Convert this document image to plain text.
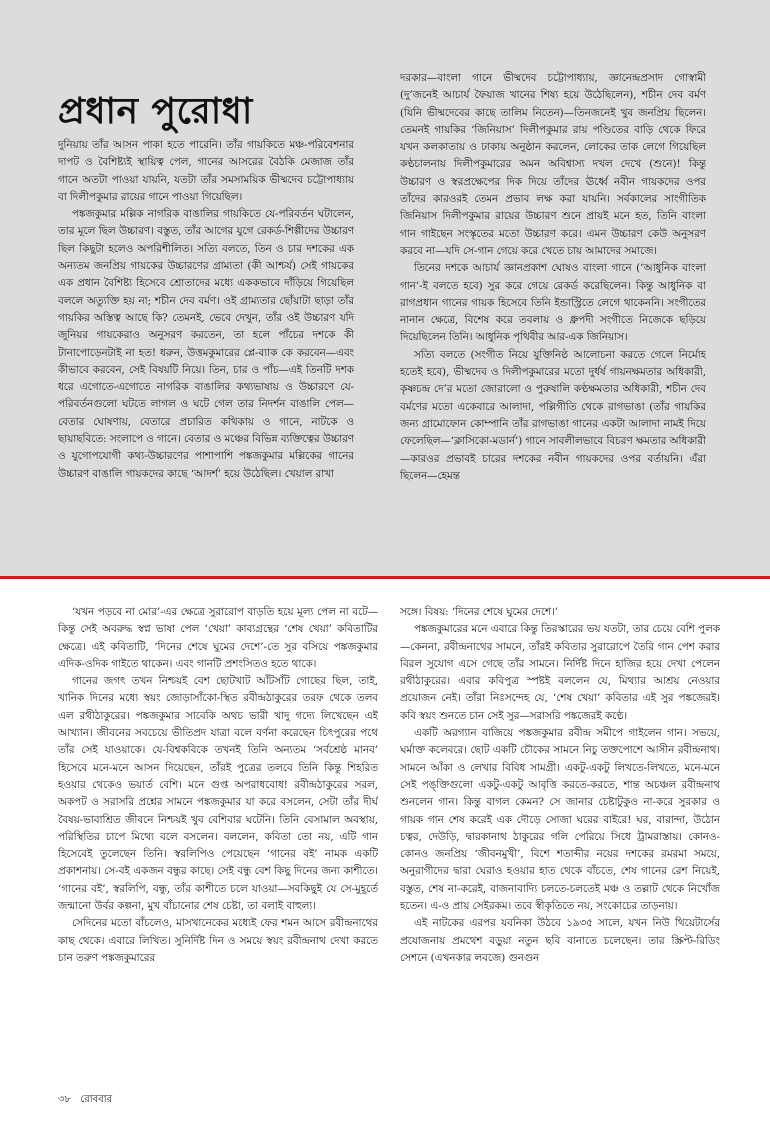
প্রধান পুরোধা

দুনিয়ায় তাঁর আসন পাকা হতে পারেনি। তাঁর গায়কিতে মঞ্চ-পরিবেশনার দাপট ও বৈশিষ্ট্যই স্থায়িত্ব পেল, গানের আসরের বৈঠকি মেজাজ তাঁর গানে অতটা পাওয়া যায়নি, যতটা তাঁর সমসাময়িক ভীষ্মদেব চট্টোপাধ্যায় বা দিলীপকুমার রায়ের গানে পাওয়া গিয়েছিল।

পঙ্কজকুমার মল্লিক নাগরিক বাঙালির গায়কিতে যে-পরিবর্তন ঘটালেন, তার মূলে ছিল উচ্চারণ। বস্তুত, তাঁর আগের যুগে রেকর্ড-শিল্পীদের উচ্চারণ ছিল কিছুটা হলেও অপরিশীলিত। সত্যি বলতে, তিন ও চার দশকের এক অন্যতম জনপ্রিয় গায়কের উচ্চারণের গ্রাম্যতা (কী আশ্চর্য) সেই গায়কের এক প্রধান বৈশিষ্ট্য হিসেবে শ্রোতাদের মধ্যে এককভাবে দাঁড়িয়ে গিয়েছিল বললে অত্যুক্তি হয় না; শচীন দেব বর্মণ। ওই গ্রাম্যতার ছোঁয়াটা ছাড়া তাঁর গায়কির অস্তিত্ব আছে কি? তেমনই, ভেবে দেখুন, তাঁর ওই উচ্চারণ যদি জুনিয়র গায়কেরাও অনুসরণ করতেন, তা হলে পাঁচের দশকে কী টানাপোড়েনটাই না হত! ধরুন, উত্তমকুমারের প্লে-ব্যাক কে করবেন—এবং কীভাবে করবেন, সেই বিষয়টি নিয়ে। তিন, চার ও পাঁচ—এই তিনটি দশক ধরে এগোতে-এগোতে নাগরিক বাঙালির কথ্যভাষায় ও উচ্চারণে যে-পরিবর্তনগুলো ঘটতে লাগল ও ঘটে গেল তার নিদর্শন বাঙালি পেল—বেতার ঘোষণায়, বেতারে প্রচারিত কথিকায় ও গানে, নাটকে ও ছায়াছবিতে: সংলাপে ও গানে। বেতার ও মঞ্চের বিভিন্ন ব্যক্তিত্বের উচ্চারণ ও যুগোপযোগী কথ্য-উচ্চারণের পাশাপাশি পঙ্কজকুমার মল্লিকের গানের উচ্চারণ বাঙালি গায়কদের কাছে ‘আদর্শ’ হয়ে উঠেছিল। খেয়াল রাখা

দরকার—বাংলা গানে ভীষ্মদেব চট্টোপাধ্যায়, জ্ঞানেন্দ্রপ্রসাদ গোস্বামী (দু’জনেই আচার্য ফৈয়াজ খানের শিষ্য হয়ে উঠেছিলেন), শচীন দেব বর্মণ (যিনি ভীষ্মদেবের কাছে তালিম নিতেন)—তিনজনেই খুব জনপ্রিয় ছিলেন। তেমনই গায়কির ‘জিনিয়াস’ দিলীপকুমার রায় পণ্ডিতের বাড়ি থেকে ফিরে যখন কলকাতায় ও ঢাকায় অনুষ্ঠান করলেন, লোকের তাক লেগে গিয়েছিল কণ্ঠচালনায় দিলীপকুমারের অমন অবিশ্বাস্য দখল দেখে (শুনে)! কিন্তু উচ্চারণ ও স্বরপ্রক্ষেপের দিক দিয়ে তাঁদের ঊর্ধ্বে নবীন গায়কদের ওপর তাঁদের কারওরই তেমন প্রভাব লক্ষ করা যায়নি। সর্বকালের সাংগীতিক জিনিয়াস দিলীপকুমার রায়ের উচ্চারণ শুনে প্রায়ই মনে হত, তিনি বাংলা গান গাইছেন সংস্কৃতের মতো উচ্চারণ করে। এমন উচ্চারণ কেউ অনুসরণ করবে না—যদি সে-গান গেয়ে করে খেতে চায় আমাদের সমাজে।

তিনের দশকে আচার্য জ্ঞানপ্রকাশ ঘোষও বাংলা গানে (‘আধুনিক বাংলা গান’-ই বলতে হবে) সুর করে গেয়ে রেকর্ড করেছিলেন। কিন্তু আধুনিক বা রাগপ্রধান গানের গায়ক হিসেবে তিনি ইন্ডাস্ট্রিতে লেগে থাকেননি। সংগীতের নানান ক্ষেত্রে, বিশেষ করে তবলায় ও ধ্রুপদী সংগীতে নিজেকে ছড়িয়ে দিয়েছিলেন তিনি। আধুনিক পৃথিবীর আর-এক জিনিয়াস।

সত্যি বলতে (সংগীত নিয়ে যুক্তিনিষ্ঠ আলোচনা করতে গেলে নির্মোহ হতেই হবে), ভীষ্মদেব ও দিলীপকুমারের মতো দুর্ধর্ষ গায়নক্ষমতার অধিকারী, কৃষ্ণচন্দ্র দে’র মতো জোরালো ও পুরুষালি কণ্ঠক্ষমতার অধিকারী, শচীন দেব বর্মণের মতো একেবারে আলাদা, পল্লিগীতি থেকে রাগভাঙা (তাঁর গায়কির জন্য গ্রামোফোন কোম্পানি তাঁর রাগভাঙা গানের একটা আলাদা নামই দিয়ে ফেলেছিল—‘ক্লাসিকো-মডার্ন’) গানে সাবলীলভাবে বিচরণ ক্ষমতার অধিকারী—কারওর প্রভাবই চারের দশকের নবীন গায়কদের ওপর বর্তায়নি। এঁরা ছিলেন—হেমন্ত

‘যখন পড়বে না মোর’-এর ক্ষেত্রে সুরারোপ বাড়তি হয়ে মূল্য পেল না বটে—কিন্তু সেই অবরুদ্ধ স্বপ্ন ভাষা পেল ‘খেয়া’ কাব্যগ্রন্থের ‘শেষ খেয়া’ কবিতাটির ক্ষেত্রে। এই কবিতাটি, ‘দিনের শেষে ঘুমের দেশে’-তে সুর বসিয়ে পঙ্কজকুমার এদিক-ওদিক গাইতে থাকেন। এবং গানটি প্রশংসিতও হতে থাকে।

গানের জগৎ তখন নিশ্চয়ই বেশ ছোটখাট আঁটসাঁট গোছের ছিল, তাই, খানিক দিনের মধ্যে স্বয়ং জোড়াসাঁকো-স্থিত রবীন্দ্রঠাকুরের তরফ থেকে তলব এল রথীঠাকুরের। পঙ্কজকুমার সাবেকি অথচ ভারী খাদু গদ্যে লিখেছেন এই আখ্যান। জীবনের সবচেয়ে ভীতিপ্রদ যাত্রা বলে বর্ণনা করেছেন চিৎপুরের পথে তাঁর সেই যাওয়াকে। যে-বিশ্বকবিকে তখনই তিনি অন্যতম ‘সর্বশ্রেষ্ঠ মানব’ হিসেবে মনে-মনে আসন দিয়েছেন, তাঁরই পুত্রের তলবে তিনি কিন্তু শিহরিত হওয়ার থেকেও ভয়ার্ত বেশি। মনে গুপ্ত অপরাধবোধ! রবীন্দ্রঠাকুরের সরল, অকপট ও সরাসরি প্রশ্নের সামনে পঙ্কজকুমার যা করে বসলেন, সেটা তাঁর দীর্ঘ বৈষয়-ভাবাশ্রিত জীবনে নিশ্চয়ই খুব বেশিবার ঘটেনি। তিনি বেসামাল অবস্থায়, পরিস্থিতির চাপে মিথ্যে বলে বসলেন। বললেন, কবিতা তো নয়, এটি গান হিসেবেই তুলেছেন তিনি। স্বরলিপিও পেয়েছেন ‘গানের বই’ নামক একটি প্রকাশনায়। সে-বই একজন বন্ধুর কাছে। সেই বন্ধু বেশ কিছু দিনের জন্য কাশীতে। ‘গানের বই’, স্বরলিপি, বন্ধু, তাঁর কাশীতে চলে যাওয়া—সবকিছুই যে সে-মুহূর্তে জন্মানো উর্বর কল্পনা, মুখ বাঁচানোর শেষ চেষ্টা, তা বলাই বাহুল্য।

সেদিনের মতো বাঁচলেও, মাসখানেকের মধ্যেই ফের শমন আসে রবীন্দ্রনাথের কাছ থেকে। এবারে লিখিত। সুনির্দিষ্ট দিন ও সময়ে স্বয়ং রবীন্দ্রনাথ দেখা করতে চান তরুণ পঙ্কজকুমারের

সঙ্গে। বিষয়: ‘দিনের শেষে ঘুমের দেশে।’

পঙ্কজকুমারের মনে এবারে কিন্তু তিরস্কারের ভয় যতটা, তার চেয়ে বেশি পুলক—কেননা, রবীন্দ্রনাথের সামনে, তাঁরই কবিতার সুরারোপে তৈরি গান পেশ করার বিরল সুযোগ এসে গেছে তাঁর সামনে। নির্দিষ্ট দিনে হাজির হয়ে দেখা পেলেন রথীঠাকুরের। এবার কবিপুত্র স্পষ্টই বললেন যে, মিথ্যার আশ্রয় নেওয়ার প্রয়োজন নেই। তাঁরা নিঃসন্দেহ যে, ‘শেষ খেয়া’ কবিতার এই সুর পঙ্কজেরই। কবি স্বয়ং শুনতে চান সেই সুর—সরাসরি পঙ্কজেরই কণ্ঠে।

একটি অরগ্যান বাজিয়ে পঙ্কজকুমার রবীন্দ্র সমীপে গাইলেন গান। সভয়ে, ঘর্মাক্ত কলেবরে। ছোট একটি চৌকের সামনে নিচু তক্তপোশে আসীন রবীন্দ্রনাথ। সামনে আঁকা ও লেখার বিবিধ সামগ্রী। একটু-একটু লিখতে-লিখতে, মনে-মনে সেই পঙ্‌ক্তিগুলো একটু-একটু আবৃত্তি করতে-করতে, শান্ত অচঞ্চল রবীন্দ্রনাথ শুনলেন গান। কিন্তু বাগল কেমন? সে জানার চেষ্টাটুকুও না-করে সুরকার ও গায়ক গান শেষ করেই এক দৌড়ে সোজা ঘরের বাইরে! ঘর, বারান্দা, উঠোন চত্বর, দেউড়ি, দ্বারকানাথ ঠাকুরের গলি পেরিয়ে সিধে ট্রামরাস্তায়। কোনও-কোনও জনপ্রিয় ‘জীবনমুখী’, বিশে শতাব্দীর নয়ের দশকের রমরমা সময়ে, অনুরাগীদের দ্বারা ঘেরাও হওয়ার হাত থেকে বাঁচতে, শেষ গানের রেশ নিয়েই, বস্তুত, শেষ না-করেই, বাজনাবাদ্যি চলতে-চলতেই মঞ্চ ও তল্লাট থেকে নিখোঁজ হতেন। এ-ও প্রায় সেইরকম। তবে স্বীকৃতিতে নয়, সংকোচের তাড়নায়।

এই নাটকের এরপর যবনিকা উঠবে ১৯৩৫ সালে, যখন নিউ থিয়েটার্সের প্রযোজনায় প্রমথেশ বড়ুয়া নতুন ছবি বানাতে চলেছেন। তার স্ক্রিপ্ট-রিডিং সেশনে (এখনকার লবজে) গুনগুন

৩৮ রোববার
